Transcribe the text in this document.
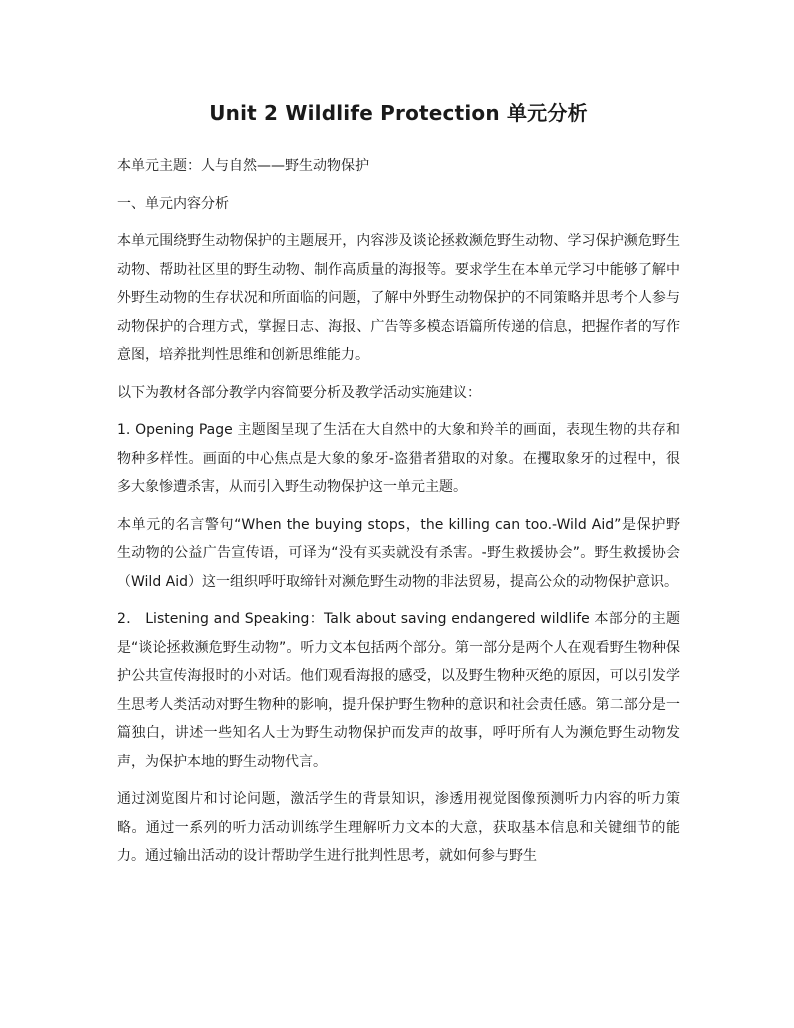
Unit 2 Wildlife Protection 单元分析

本单元主题：人与自然——野生动物保护

一、单元内容分析

本单元围绕野生动物保护的主题展开，内容涉及谈论拯救濒危野生动物、学习保护濒危野生动物、帮助社区里的野生动物、制作高质量的海报等。要求学生在本单元学习中能够了解中外野生动物的生存状况和所面临的问题，了解中外野生动物保护的不同策略并思考个人参与动物保护的合理方式，掌握日志、海报、广告等多模态语篇所传递的信息，把握作者的写作意图，培养批判性思维和创新思维能力。

以下为教材各部分教学内容简要分析及教学活动实施建议：

1. Opening Page 主题图呈现了生活在大自然中的大象和羚羊的画面，表现生物的共存和物种多样性。画面的中心焦点是大象的象牙-盗猎者猎取的对象。在攫取象牙的过程中，很多大象惨遭杀害，从而引入野生动物保护这一单元主题。

本单元的名言警句“When the buying stops，the killing can too.-Wild Aid”是保护野生动物的公益广告宣传语，可译为“没有买卖就没有杀害。-野生救援协会”。野生救援协会（Wild Aid）这一组织呼吁取缔针对濒危野生动物的非法贸易，提高公众的动物保护意识。

2． Listening and Speaking：Talk about saving endangered wildlife 本部分的主题是“谈论拯救濒危野生动物”。听力文本包括两个部分。第一部分是两个人在观看野生物种保护公共宣传海报时的小对话。他们观看海报的感受，以及野生物种灭绝的原因，可以引发学生思考人类活动对野生物种的影响，提升保护野生物种的意识和社会责任感。第二部分是一篇独白，讲述一些知名人士为野生动物保护而发声的故事，呼吁所有人为濒危野生动物发声，为保护本地的野生动物代言。

通过浏览图片和讨论问题，激活学生的背景知识，渗透用视觉图像预测听力内容的听力策略。通过一系列的听力活动训练学生理解听力文本的大意，获取基本信息和关键细节的能力。通过输出活动的设计帮助学生进行批判性思考，就如何参与野生
